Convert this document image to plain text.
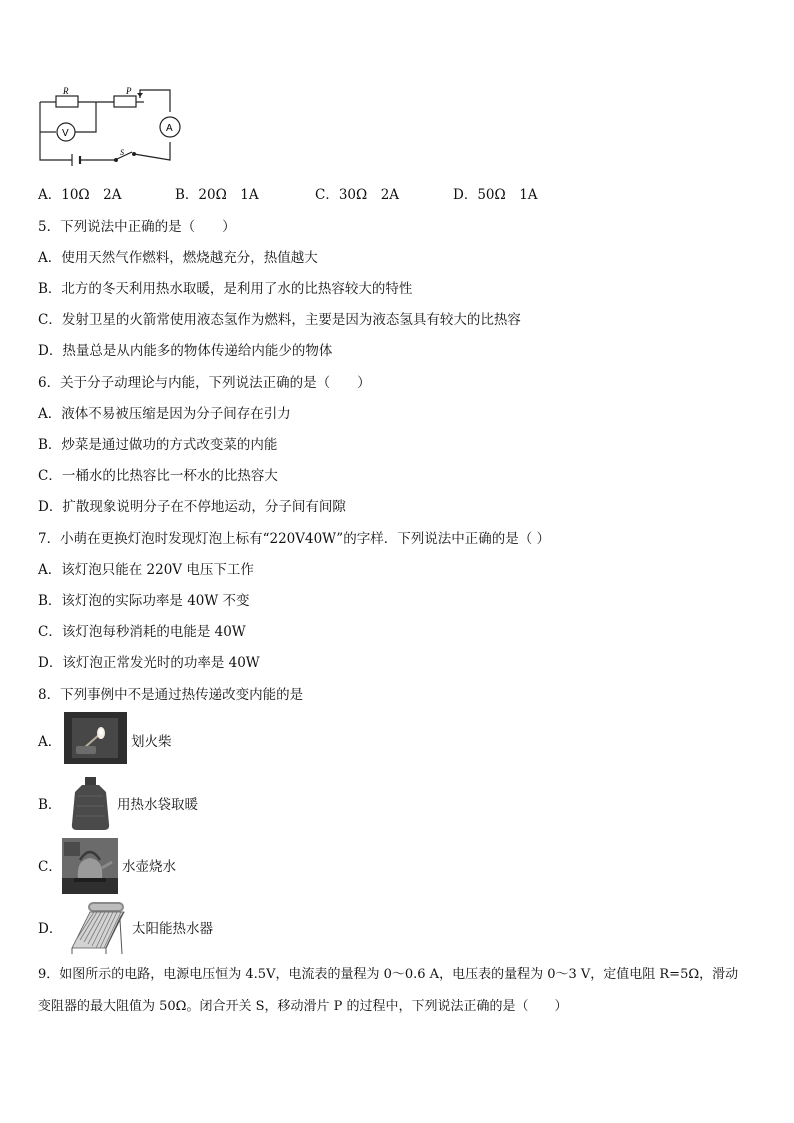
R	P
V	A
S
A．10Ω　2A	B．20Ω　1A	C．30Ω　2A	D．50Ω　1A
5．下列说法中正确的是（　　）
A．使用天然气作燃料，燃烧越充分，热值越大
B．北方的冬天利用热水取暖，是利用了水的比热容较大的特性
C．发射卫星的火箭常使用液态氢作为燃料，主要是因为液态氢具有较大的比热容
D．热量总是从内能多的物体传递给内能少的物体
6．关于分子动理论与内能，下列说法正确的是（　　）
A．液体不易被压缩是因为分子间存在引力
B．炒菜是通过做功的方式改变菜的内能
C．一桶水的比热容比一杯水的比热容大
D．扩散现象说明分子在不停地运动，分子间有间隙
7．小萌在更换灯泡时发现灯泡上标有“220V40W”的字样．下列说法中正确的是（ ）
A．该灯泡只能在 220V 电压下工作
B．该灯泡的实际功率是 40W 不变
C．该灯泡每秒消耗的电能是 40W
D．该灯泡正常发光时的功率是 40W
8．下列事例中不是通过热传递改变内能的是
A．	划火柴
B．	用热水袋取暖
C．	水壶烧水
D．	太阳能热水器
9．如图所示的电路，电源电压恒为 4.5V，电流表的量程为 0～0.6 A，电压表的量程为 0～3 V，定值电阻 R=5Ω，滑动
变阻器的最大阻值为 50Ω。闭合开关 S，移动滑片 P 的过程中，下列说法正确的是（　　）
